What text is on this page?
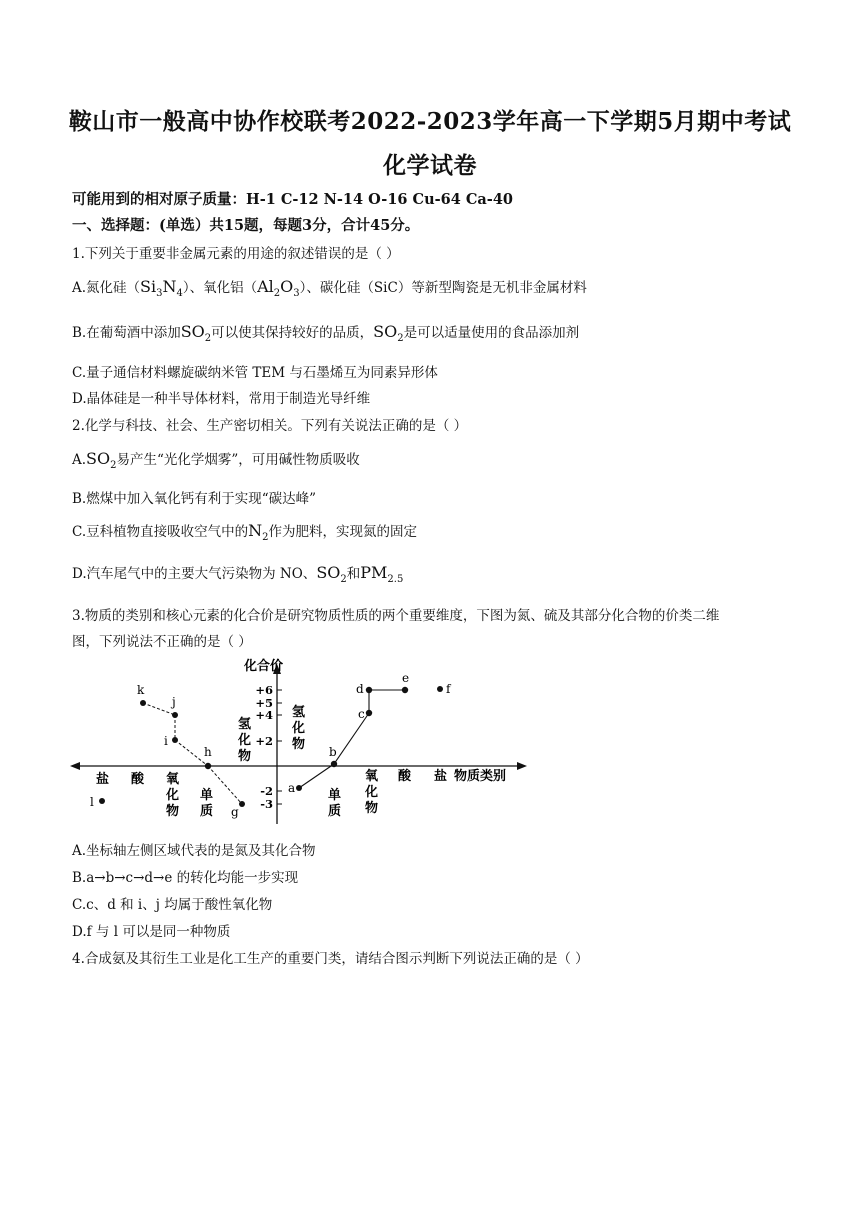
鞍山市一般高中协作校联考2022-2023学年高一下学期5月期中考试
化学试卷
可能用到的相对原子质量：H-1 C-12 N-14 O-16 Cu-64 Ca-40
一、选择题：(单选）共15题，每题3分，合计45分。
1.下列关于重要非金属元素的用途的叙述错误的是（ ）
A.氮化硅$(Si_3N_4)$、氧化铝$(Al_2O_3)$、碳化硅（SiC）等新型陶瓷是无机非金属材料
B.在葡萄酒中添加$SO_2$可以使其保持较好的品质，$SO_2$是可以适量使用的食品添加剂
C.量子通信材料螺旋碳纳米管 TEM 与石墨烯互为同素异形体
D.晶体硅是一种半导体材料，常用于制造光导纤维
2.化学与科技、社会、生产密切相关。下列有关说法正确的是（ ）
$A.SO_2$易产生“光化学烟雾”，可用碱性物质吸收
B.燃煤中加入氧化钙有利于实现“碳达峰”
C.豆科植物直接吸收空气中的$N_2$作为肥料，实现氮的固定
D.汽车尾气中的主要大气污染物为 NO、$SO_2$和$PM_{2.5}$
3.物质的类别和核心元素的化合价是研究物质性质的两个重要维度，下图为氮、硫及其部分化合物的价类二维
图，下列说法不正确的是（ ）
化合价
+6
+5
+4
+2
-2
-3
盐 酸 氧
化
物
单
质
氢
化
物
氢
化
物
单
质
氧
化
物
酸 盐 物质类别
k
j
i
h
g
l
a
b
c
d
e
f
A.坐标轴左侧区域代表的是氮及其化合物
B.a→b→c→d→e 的转化均能一步实现
C.c、d 和 i、j 均属于酸性氧化物
D.f 与 l 可以是同一种物质
4.合成氨及其衍生工业是化工生产的重要门类，请结合图示判断下列说法正确的是（ ）
